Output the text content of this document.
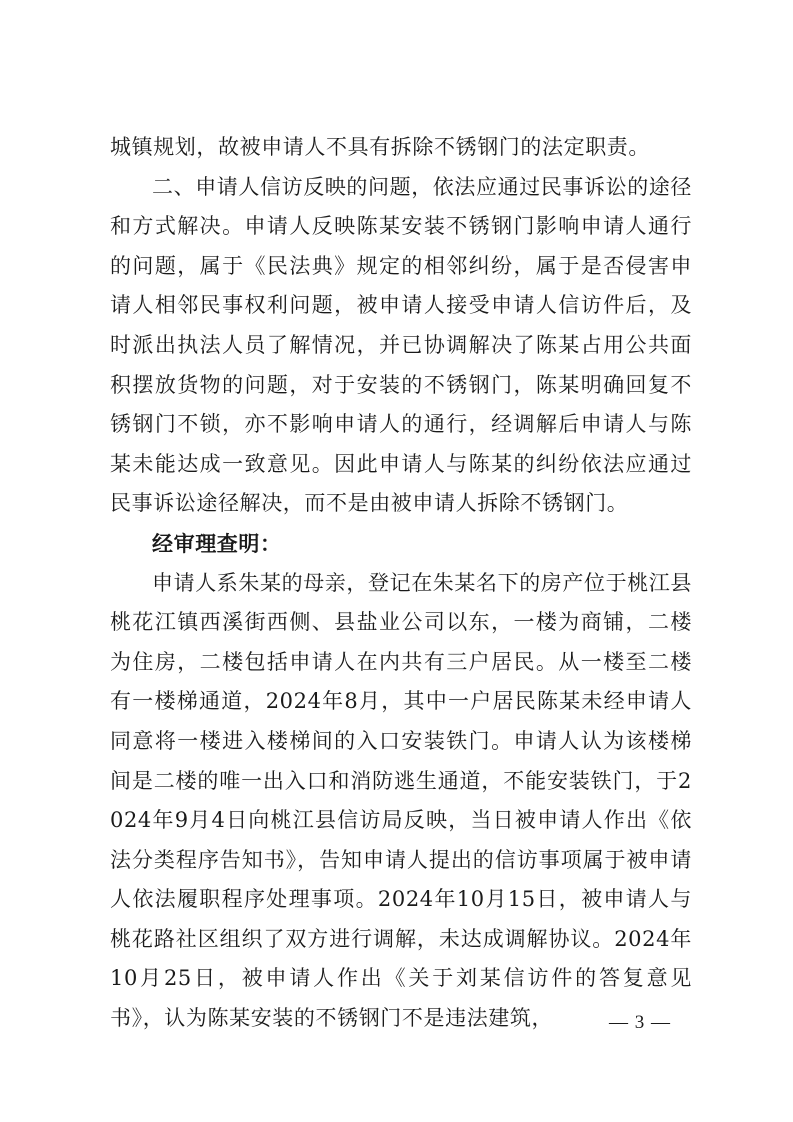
城镇规划，故被申请人不具有拆除不锈钢门的法定职责。

二、申请人信访反映的问题，依法应通过民事诉讼的途径和方式解决。申请人反映陈某安装不锈钢门影响申请人通行的问题，属于《民法典》规定的相邻纠纷，属于是否侵害申请人相邻民事权利问题，被申请人接受申请人信访件后，及时派出执法人员了解情况，并已协调解决了陈某占用公共面积摆放货物的问题，对于安装的不锈钢门，陈某明确回复不锈钢门不锁，亦不影响申请人的通行，经调解后申请人与陈某未能达成一致意见。因此申请人与陈某的纠纷依法应通过民事诉讼途径解决，而不是由被申请人拆除不锈钢门。

经审理查明：

申请人系朱某的母亲，登记在朱某名下的房产位于桃江县桃花江镇西溪街西侧、县盐业公司以东，一楼为商铺，二楼为住房，二楼包括申请人在内共有三户居民。从一楼至二楼有一楼梯通道，2024年8月，其中一户居民陈某未经申请人同意将一楼进入楼梯间的入口安装铁门。申请人认为该楼梯间是二楼的唯一出入口和消防逃生通道，不能安装铁门，于2024年9月4日向桃江县信访局反映，当日被申请人作出《依法分类程序告知书》，告知申请人提出的信访事项属于被申请人依法履职程序处理事项。2024年10月15日，被申请人与桃花路社区组织了双方进行调解，未达成调解协议。2024年10月25日，被申请人作出《关于刘某信访件的答复意见书》，认为陈某安装的不锈钢门不是违法建筑，	— 3 —
